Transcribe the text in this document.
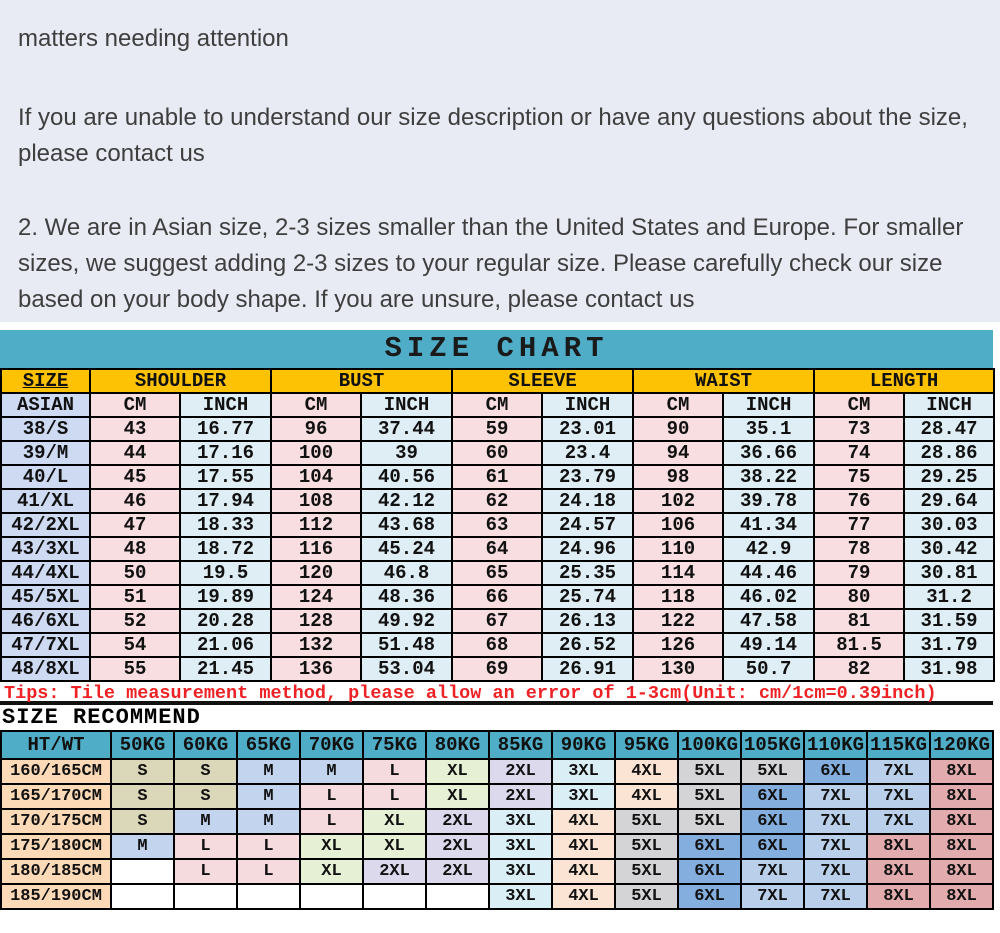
matters needing attention

If you are unable to understand our size description or have any questions about the size, please contact us

2. We are in Asian size, 2-3 sizes smaller than the United States and Europe. For smaller sizes, we suggest adding 2-3 sizes to your regular size. Please carefully check our size based on your body shape. If you are unsure, please contact us

SIZE CHART
SIZE	SHOULDER		BUST		SLEEVE		WAIST		LENGTH	
ASIAN	CM	INCH	CM	INCH	CM	INCH	CM	INCH	CM	INCH
38/S	43	16.77	96	37.44	59	23.01	90	35.1	73	28.47
39/M	44	17.16	100	39	60	23.4	94	36.66	74	28.86
40/L	45	17.55	104	40.56	61	23.79	98	38.22	75	29.25
41/XL	46	17.94	108	42.12	62	24.18	102	39.78	76	29.64
42/2XL	47	18.33	112	43.68	63	24.57	106	41.34	77	30.03
43/3XL	48	18.72	116	45.24	64	24.96	110	42.9	78	30.42
44/4XL	50	19.5	120	46.8	65	25.35	114	44.46	79	30.81
45/5XL	51	19.89	124	48.36	66	25.74	118	46.02	80	31.2
46/6XL	52	20.28	128	49.92	67	26.13	122	47.58	81	31.59
47/7XL	54	21.06	132	51.48	68	26.52	126	49.14	81.5	31.79
48/8XL	55	21.45	136	53.04	69	26.91	130	50.7	82	31.98
Tips: Tile measurement method, please allow an error of 1-3cm(Unit: cm/1cm=0.39inch)
SIZE RECOMMEND
HT/WT	50KG	60KG	65KG	70KG	75KG	80KG	85KG	90KG	95KG	100KG	105KG	110KG	115KG	120KG
160/165CM	S	S	M	M	L	XL	2XL	3XL	4XL	5XL	5XL	6XL	7XL	8XL
165/170CM	S	S	M	L	L	XL	2XL	3XL	4XL	5XL	6XL	7XL	7XL	8XL
170/175CM	S	M	M	L	XL	2XL	3XL	4XL	5XL	5XL	6XL	7XL	7XL	8XL
175/180CM	M	L	L	XL	XL	2XL	3XL	4XL	5XL	6XL	6XL	7XL	8XL	8XL
180/185CM		L	L	XL	2XL	2XL	3XL	4XL	5XL	6XL	7XL	7XL	8XL	8XL
185/190CM							3XL	4XL	5XL	6XL	7XL	7XL	8XL	8XL
